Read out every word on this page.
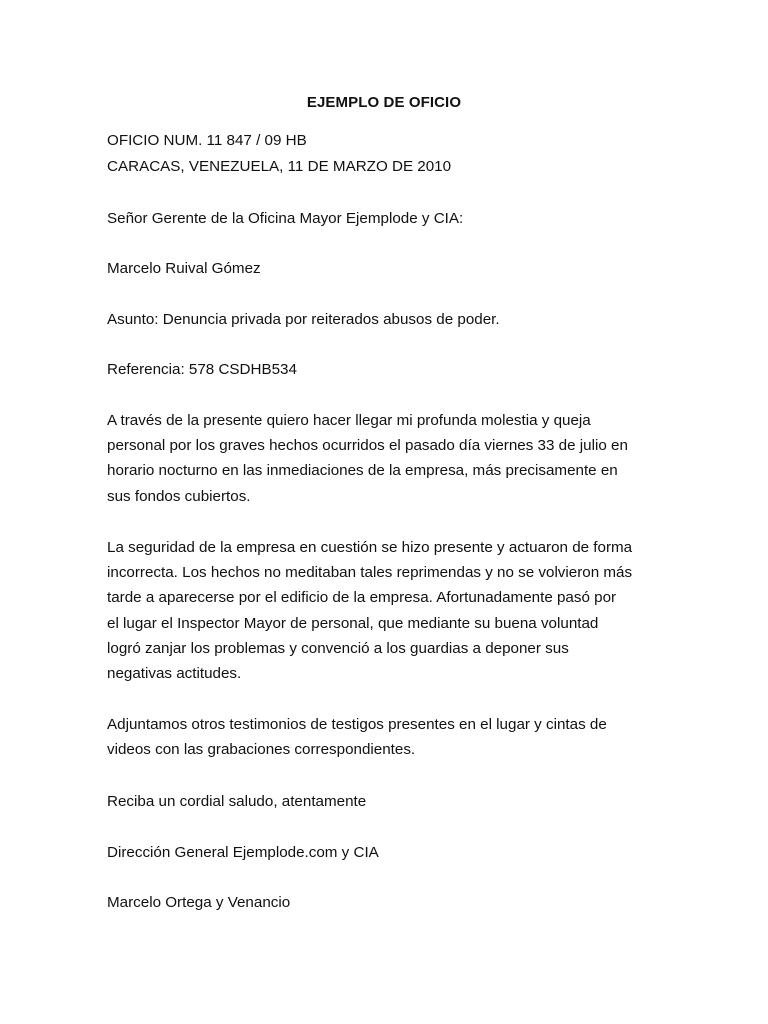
EJEMPLO DE OFICIO
OFICIO NUM. 11 847 / 09 HB
CARACAS, VENEZUELA, 11 DE MARZO DE 2010
Señor Gerente de la Oficina Mayor Ejemplode y CIA:
Marcelo Ruival Gómez
Asunto: Denuncia privada por reiterados abusos de poder.
Referencia: 578 CSDHB534
A través de la presente quiero hacer llegar mi profunda molestia y queja
personal por los graves hechos ocurridos el pasado día viernes 33 de julio en
horario nocturno en las inmediaciones de la empresa, más precisamente en
sus fondos cubiertos.
La seguridad de la empresa en cuestión se hizo presente y actuaron de forma
incorrecta. Los hechos no meditaban tales reprimendas y no se volvieron más
tarde a aparecerse por el edificio de la empresa. Afortunadamente pasó por
el lugar el Inspector Mayor de personal, que mediante su buena voluntad
logró zanjar los problemas y convenció a los guardias a deponer sus
negativas actitudes.
Adjuntamos otros testimonios de testigos presentes en el lugar y cintas de
videos con las grabaciones correspondientes.
Reciba un cordial saludo, atentamente
Dirección General Ejemplode.com y CIA
Marcelo Ortega y Venancio
